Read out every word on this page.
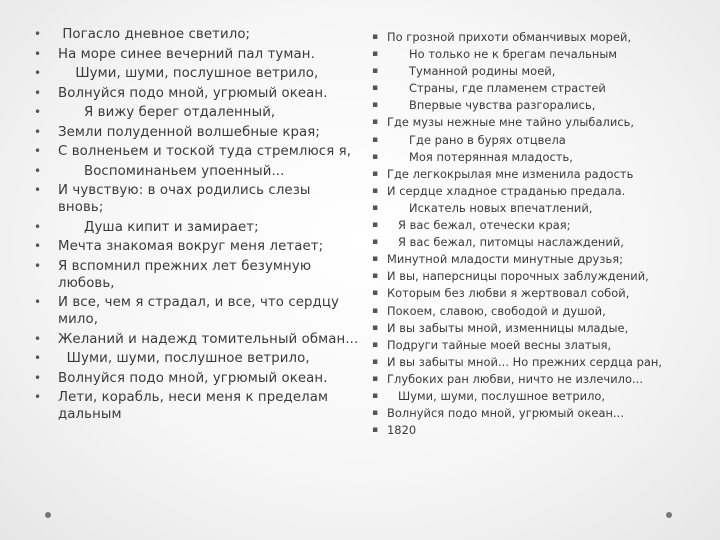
•  Погасло дневное светило;
• На море синее вечерний пал туман.
•     Шуми, шуми, послушное ветрило,
• Волнуйся подо мной, угрюмый океан.
•       Я вижу берег отдаленный,
• Земли полуденной волшебные края;
• С волненьем и тоской туда стремлюся я,
•       Воспоминаньем упоенный...
• И чувствую: в очах родились слезы вновь;
•       Душа кипит и замирает;
• Мечта знакомая вокруг меня летает;
• Я вспомнил прежних лет безумную любовь,
• И все, чем я страдал, и все, что сердцу мило,
• Желаний и надежд томительный обман...
•   Шуми, шуми, послушное ветрило,
• Волнуйся подо мной, угрюмый океан.
• Лети, корабль, неси меня к пределам дальным
▪ По грозной прихоти обманчивых морей,
▪       Но только не к брегам печальным
▪       Туманной родины моей,
▪       Страны, где пламенем страстей
▪       Впервые чувства разгорались,
▪ Где музы нежные мне тайно улыбались,
▪       Где рано в бурях отцвела
▪       Моя потерянная младость,
▪ Где легкокрылая мне изменила радость
▪ И сердце хладное страданью предала.
▪       Искатель новых впечатлений,
▪    Я вас бежал, отечески края;
▪    Я вас бежал, питомцы наслаждений,
▪ Минутной младости минутные друзья;
▪ И вы, наперсницы порочных заблуждений,
▪ Которым без любви я жертвовал собой,
▪ Покоем, славою, свободой и душой,
▪ И вы забыты мной, изменницы младые,
▪ Подруги тайные моей весны златыя,
▪ И вы забыты мной... Но прежних сердца ран,
▪ Глубоких ран любви, ничто не излечило...
▪    Шуми, шуми, послушное ветрило,
▪ Волнуйся подо мной, угрюмый океан...
▪ 1820
